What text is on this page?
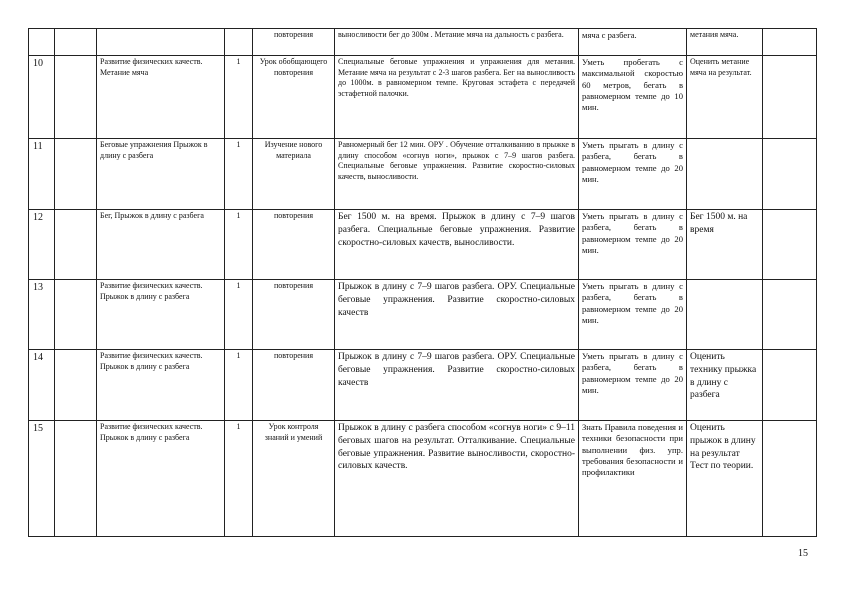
				повторения	выносливости бег до 300м . Метание мяча на дальность с разбега.	мяча с разбега.	метания мяча.	
10		Развитие физических качеств. Метание мяча	1	Урок обобщающего повторения	Специальные беговые упражнения и упражнения для метания. Метание мяча на результат с 2-3 шагов разбега. Бег на выносливость до 1000м. в равномерном темпе. Круговая эстафета с передачей эстафетной палочки.	Уметь пробегать с максимальной скоростью 60 метров, бегать в равномерном темпе до 10 мин.	Оценить метание мяча на результат.	
11		Беговые упражнения Прыжок в длину с разбега	1	Изучение нового материала	Равномерный бег 12 мин. ОРУ . Обучение отталкиванию в прыжке в длину способом «согнув ноги», прыжок с 7–9 шагов разбега. Специальные беговые упражнения. Развитие скоростно-силовых качеств, выносливости.	Уметь прыгать в длину с разбега, бегать в равномерном темпе до 20 мин.		
12		Бег, Прыжок в длину с разбега	1	повторения	Бег 1500 м. на время. Прыжок в длину с 7–9 шагов разбега. Специальные беговые упражнения. Развитие скоростно-силовых качеств, выносливости.	Уметь прыгать в длину с разбега, бегать в равномерном темпе до 20 мин.	Бег 1500 м. на время	
13		Развитие физических качеств. Прыжок в длину с разбега	1	повторения	Прыжок в длину с 7–9 шагов разбега. ОРУ. Специальные беговые упражнения. Развитие скоростно-силовых качеств	Уметь прыгать в длину с разбега, бегать в равномерном темпе до 20 мин.		
14		Развитие физических качеств. Прыжок в длину с разбега	1	повторения	Прыжок в длину с 7–9 шагов разбега. ОРУ. Специальные беговые упражнения. Развитие скоростно-силовых качеств	Уметь прыгать в длину с разбега, бегать в равномерном темпе до 20 мин.	Оценить технику прыжка в длину с разбега	
15		Развитие физических качеств. Прыжок в длину с разбега	1	Урок контроля знаний и умений	Прыжок в длину с разбега способом «согнув ноги» с 9–11 беговых шагов на результат. Отталкивание. Специальные беговые упражнения. Развитие выносливости, скоростно-силовых качеств.	Знать Правила поведения и техники безопасности при выполнении физ. упр. требования безопасности и профилактики	Оценить прыжок в длину на результат Тест по теории.	
15
